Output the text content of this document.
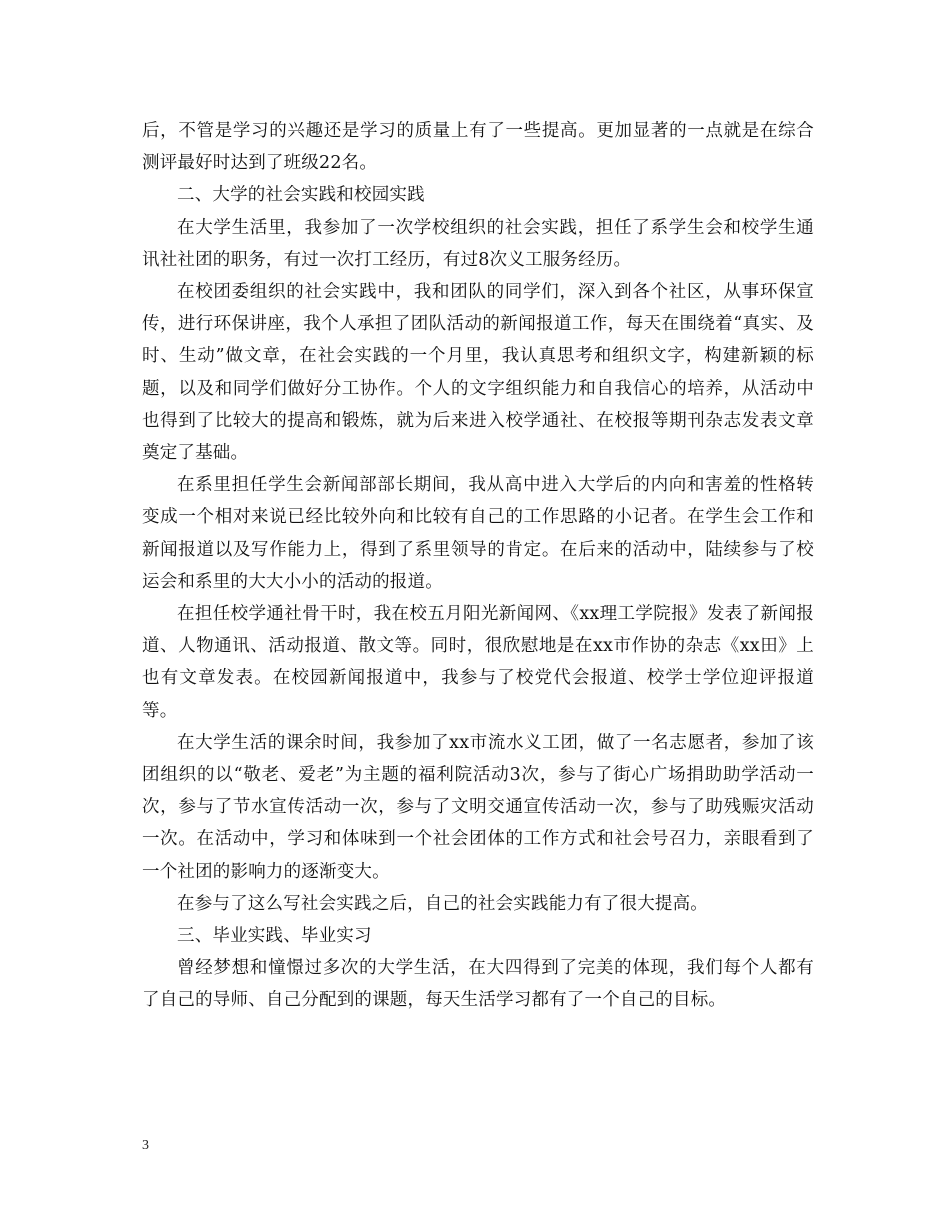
后，不管是学习的兴趣还是学习的质量上有了一些提高。更加显著的一点就是在综合测评最好时达到了班级22名。

二、大学的社会实践和校园实践

在大学生活里，我参加了一次学校组织的社会实践，担任了系学生会和校学生通讯社社团的职务，有过一次打工经历，有过8次义工服务经历。

在校团委组织的社会实践中，我和团队的同学们，深入到各个社区，从事环保宣传，进行环保讲座，我个人承担了团队活动的新闻报道工作，每天在围绕着“真实、及时、生动”做文章，在社会实践的一个月里，我认真思考和组织文字，构建新颖的标题，以及和同学们做好分工协作。个人的文字组织能力和自我信心的培养，从活动中也得到了比较大的提高和锻炼，就为后来进入校学通社、在校报等期刊杂志发表文章奠定了基础。

在系里担任学生会新闻部部长期间，我从高中进入大学后的内向和害羞的性格转变成一个相对来说已经比较外向和比较有自己的工作思路的小记者。在学生会工作和新闻报道以及写作能力上，得到了系里领导的肯定。在后来的活动中，陆续参与了校运会和系里的大大小小的活动的报道。

在担任校学通社骨干时，我在校五月阳光新闻网、《xx理工学院报》发表了新闻报道、人物通讯、活动报道、散文等。同时，很欣慰地是在xx市作协的杂志《xx田》上也有文章发表。在校园新闻报道中，我参与了校党代会报道、校学士学位迎评报道等。

在大学生活的课余时间，我参加了xx市流水义工团，做了一名志愿者，参加了该团组织的以“敬老、爱老”为主题的福利院活动3次，参与了街心广场捐助助学活动一次，参与了节水宣传活动一次，参与了文明交通宣传活动一次，参与了助残赈灾活动一次。在活动中，学习和体味到一个社会团体的工作方式和社会号召力，亲眼看到了一个社团的影响力的逐渐变大。

在参与了这么写社会实践之后，自己的社会实践能力有了很大提高。

三、毕业实践、毕业实习

曾经梦想和憧憬过多次的大学生活，在大四得到了完美的体现，我们每个人都有了自己的导师、自己分配到的课题，每天生活学习都有了一个自己的目标。

3
